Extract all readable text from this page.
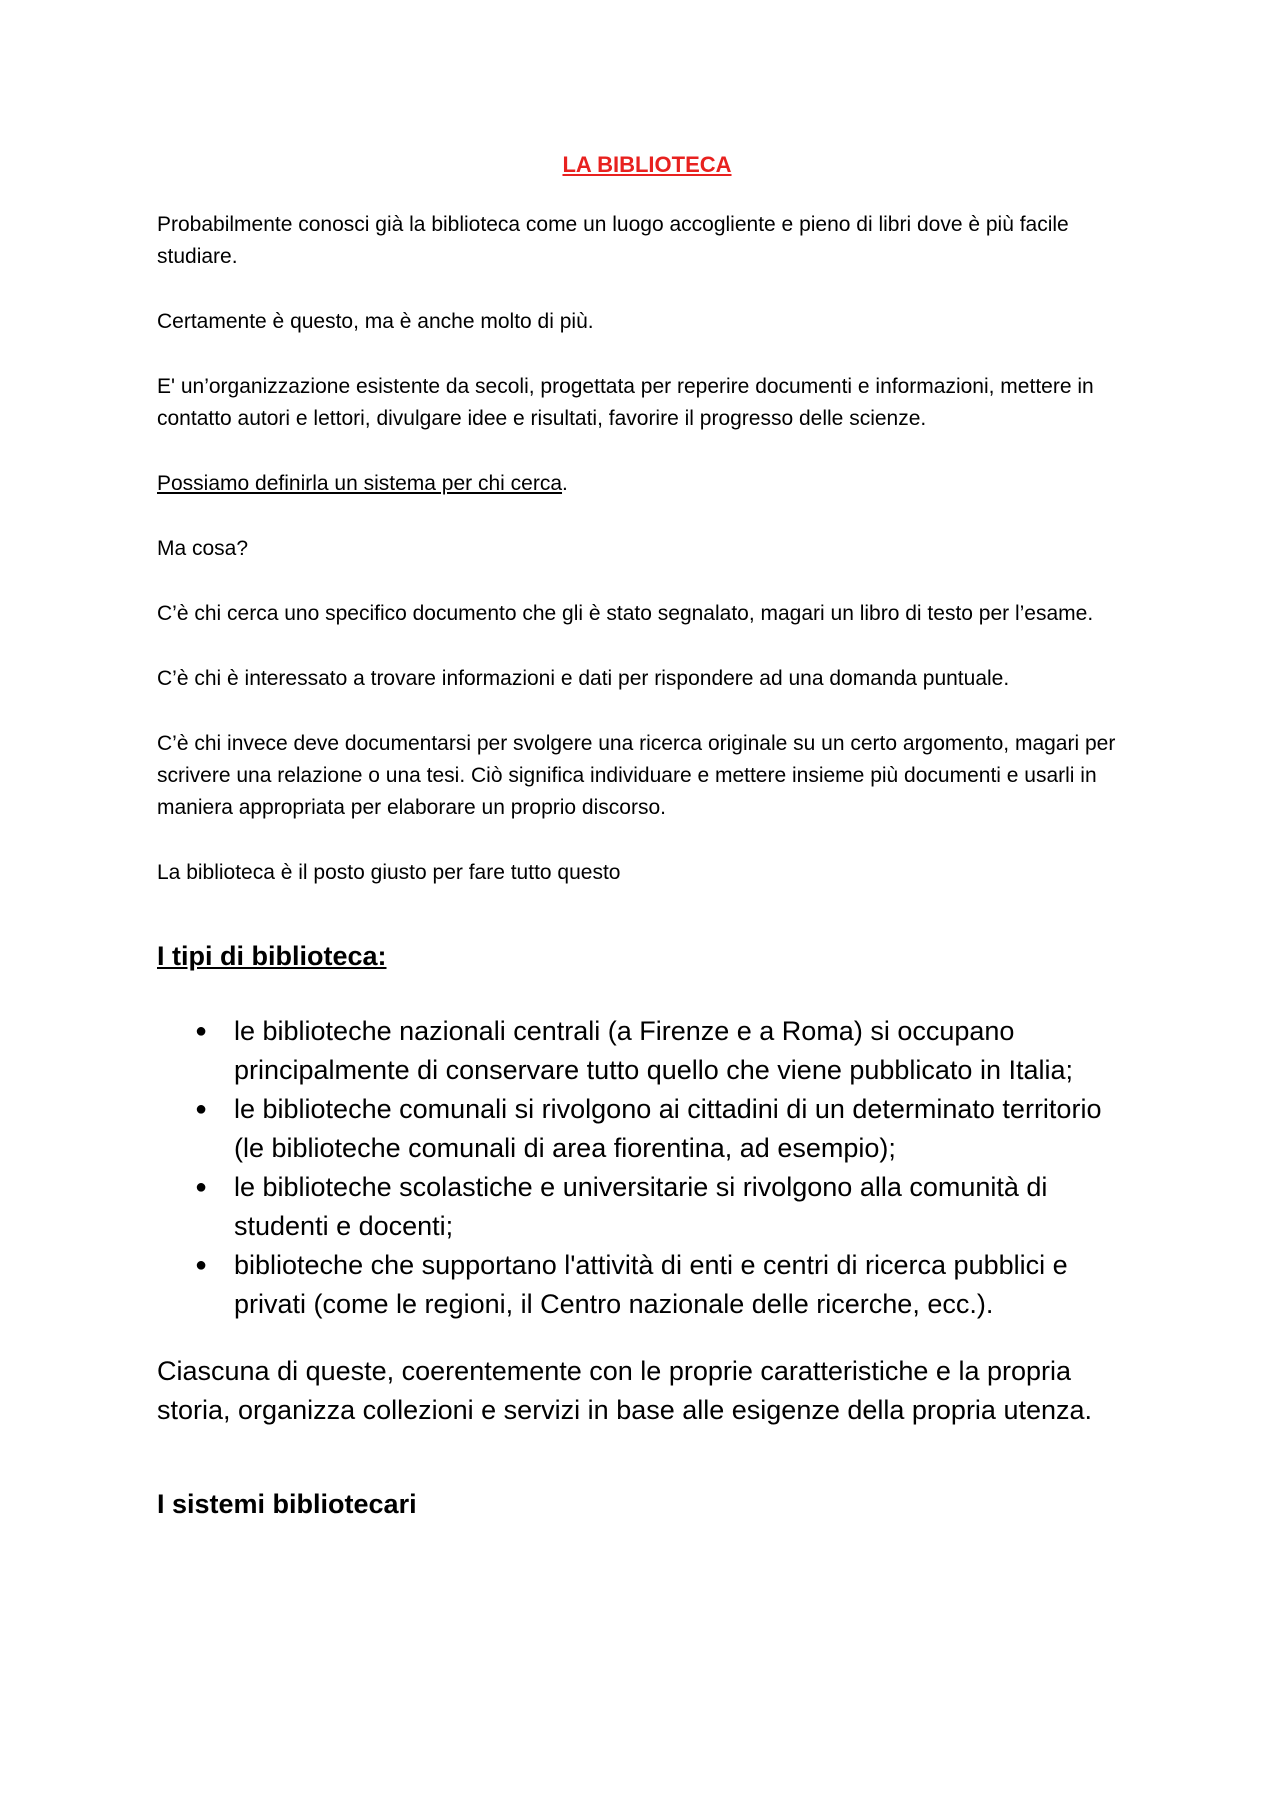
LA BIBLIOTECA

Probabilmente conosci già la biblioteca come un luogo accogliente e pieno di libri dove è più facile studiare.

Certamente è questo, ma è anche molto di più.

E' un’organizzazione esistente da secoli, progettata per reperire documenti e informazioni, mettere in contatto autori e lettori, divulgare idee e risultati, favorire il progresso delle scienze.

Possiamo definirla un sistema per chi cerca.

Ma cosa?

C’è chi cerca uno specifico documento che gli è stato segnalato, magari un libro di testo per l’esame.

C’è chi è interessato a trovare informazioni e dati per rispondere ad una domanda puntuale.

C’è chi invece deve documentarsi per svolgere una ricerca originale su un certo argomento, magari per scrivere una relazione o una tesi. Ciò significa individuare e mettere insieme più documenti e usarli in maniera appropriata per elaborare un proprio discorso.

La biblioteca è il posto giusto per fare tutto questo

I tipi di biblioteca:
● le biblioteche nazionali centrali (a Firenze e a Roma) si occupano principalmente di conservare tutto quello che viene pubblicato in Italia;
● le biblioteche comunali si rivolgono ai cittadini di un determinato territorio (le biblioteche comunali di area fiorentina, ad esempio);
● le biblioteche scolastiche e universitarie si rivolgono alla comunità di studenti e docenti;
● biblioteche che supportano l'attività di enti e centri di ricerca pubblici e privati (come le regioni, il Centro nazionale delle ricerche, ecc.).

Ciascuna di queste, coerentemente con le proprie caratteristiche e la propria storia, organizza collezioni e servizi in base alle esigenze della propria utenza.

I sistemi bibliotecari
